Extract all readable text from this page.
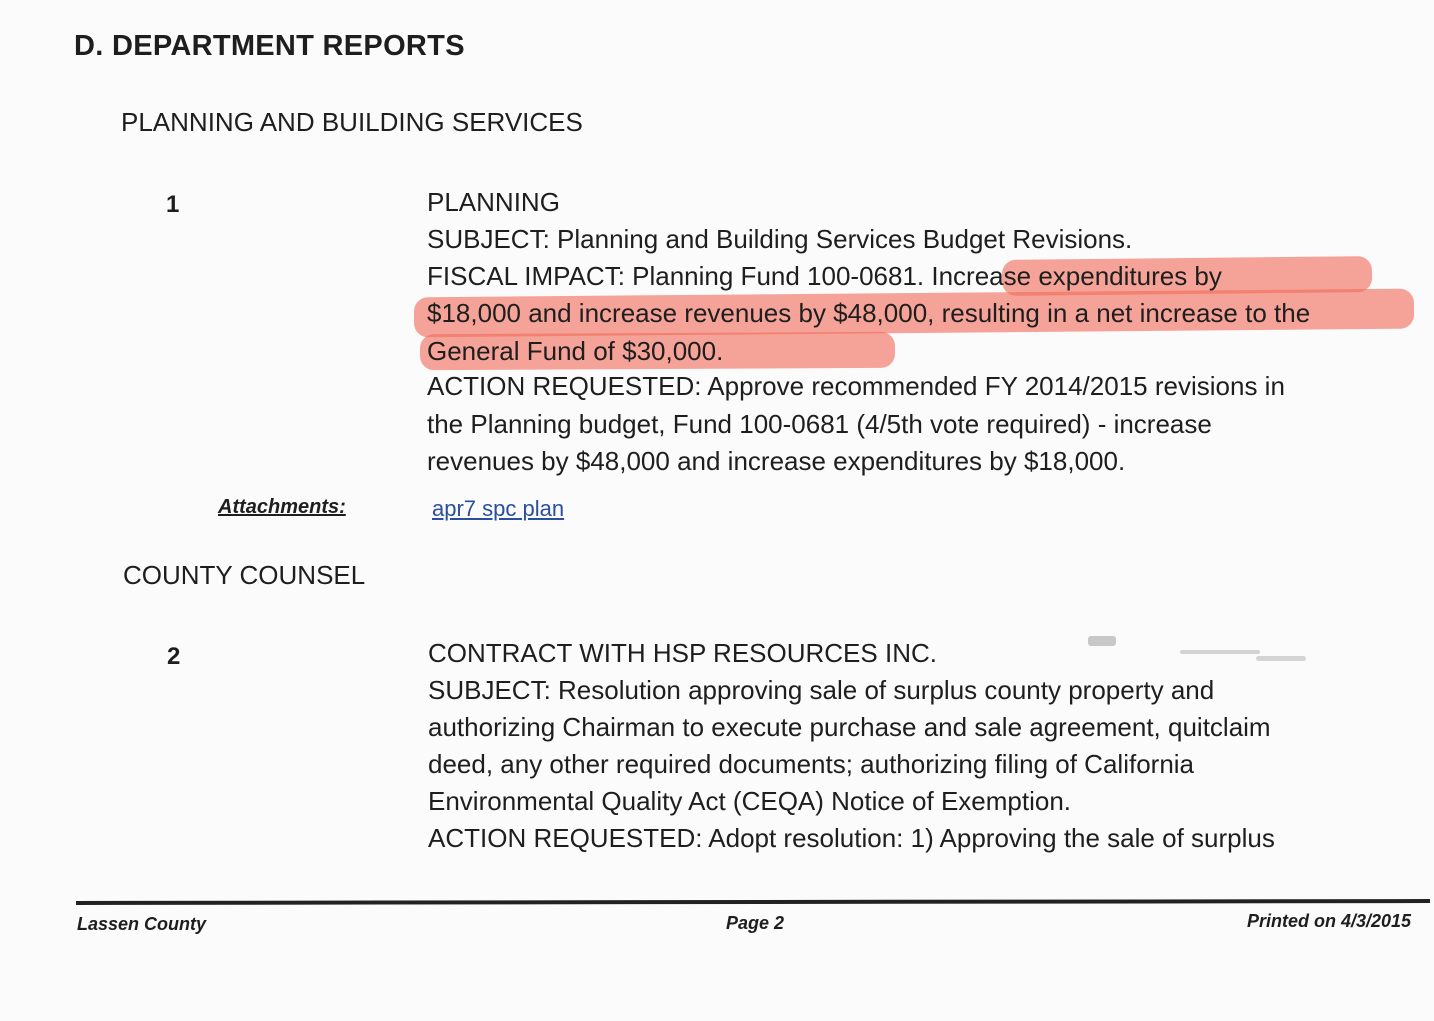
D. DEPARTMENT REPORTS
PLANNING AND BUILDING SERVICES
1	PLANNING
SUBJECT: Planning and Building Services Budget Revisions.
FISCAL IMPACT: Planning Fund 100-0681. Increase expenditures by
$18,000 and increase revenues by $48,000, resulting in a net increase to the
General Fund of $30,000.
ACTION REQUESTED: Approve recommended FY 2014/2015 revisions in
the Planning budget, Fund 100-0681 (4/5th vote required) - increase
revenues by $48,000 and increase expenditures by $18,000.
Attachments:	apr7 spc plan
COUNTY COUNSEL
2	CONTRACT WITH HSP RESOURCES INC.
SUBJECT: Resolution approving sale of surplus county property and
authorizing Chairman to execute purchase and sale agreement, quitclaim
deed, any other required documents; authorizing filing of California
Environmental Quality Act (CEQA) Notice of Exemption.
ACTION REQUESTED: Adopt resolution: 1) Approving the sale of surplus
Lassen County	Page 2	Printed on 4/3/2015
